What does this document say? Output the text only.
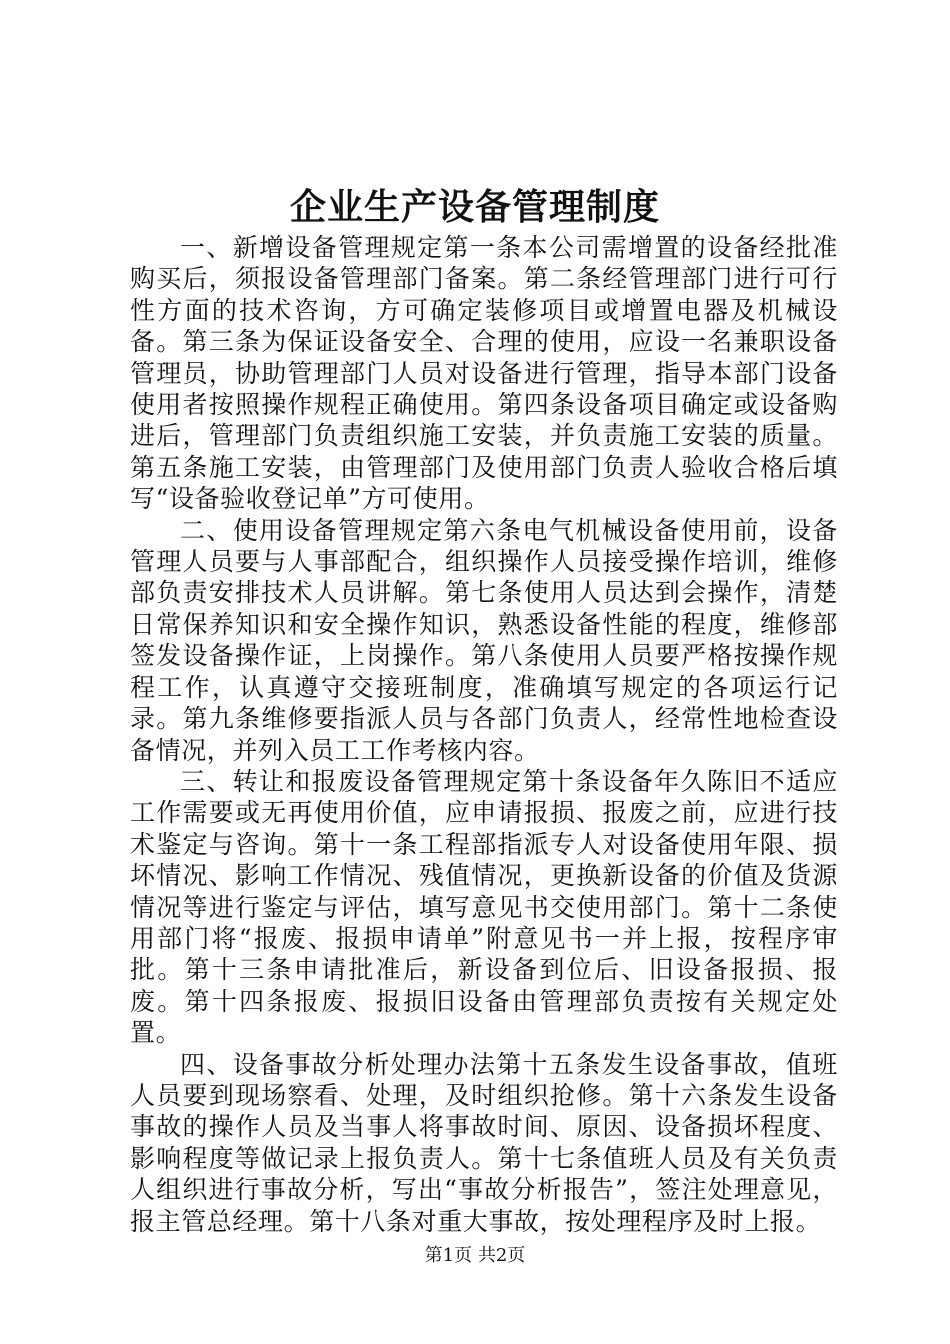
企业生产设备管理制度

一、新增设备管理规定第一条本公司需增置的设备经批准购买后，须报设备管理部门备案。第二条经管理部门进行可行性方面的技术咨询，方可确定装修项目或增置电器及机械设备。第三条为保证设备安全、合理的使用，应设一名兼职设备管理员，协助管理部门人员对设备进行管理，指导本部门设备使用者按照操作规程正确使用。第四条设备项目确定或设备购进后，管理部门负责组织施工安装，并负责施工安装的质量。第五条施工安装，由管理部门及使用部门负责人验收合格后填写“设备验收登记单”方可使用。

二、使用设备管理规定第六条电气机械设备使用前，设备管理人员要与人事部配合，组织操作人员接受操作培训，维修部负责安排技术人员讲解。第七条使用人员达到会操作，清楚日常保养知识和安全操作知识，熟悉设备性能的程度，维修部签发设备操作证，上岗操作。第八条使用人员要严格按操作规程工作，认真遵守交接班制度，准确填写规定的各项运行记录。第九条维修要指派人员与各部门负责人，经常性地检查设备情况，并列入员工工作考核内容。

三、转让和报废设备管理规定第十条设备年久陈旧不适应工作需要或无再使用价值，应申请报损、报废之前，应进行技术鉴定与咨询。第十一条工程部指派专人对设备使用年限、损坏情况、影响工作情况、残值情况，更换新设备的价值及货源情况等进行鉴定与评估，填写意见书交使用部门。第十二条使用部门将“报废、报损申请单”附意见书一并上报，按程序审批。第十三条申请批准后，新设备到位后、旧设备报损、报废。第十四条报废、报损旧设备由管理部负责按有关规定处置。

四、设备事故分析处理办法第十五条发生设备事故，值班人员要到现场察看、处理，及时组织抢修。第十六条发生设备事故的操作人员及当事人将事故时间、原因、设备损坏程度、影响程度等做记录上报负责人。第十七条值班人员及有关负责人组织进行事故分析，写出“事故分析报告”，签注处理意见，报主管总经理。第十八条对重大事故，按处理程序及时上报。

第1页 共2页
